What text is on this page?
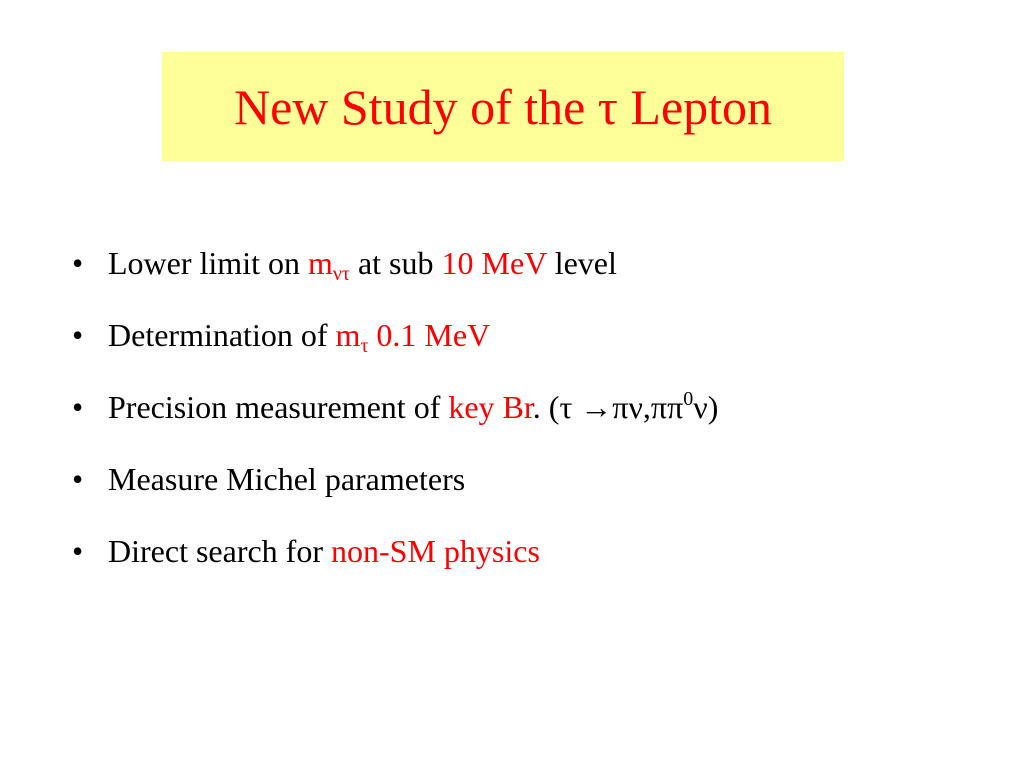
New Study of the τ Lepton
• Lower limit on $m_{\nu\tau}$ at sub 10 MeV level
• Determination of $m_\tau$ 0.1 MeV
• Precision measurement of key Br. $(\tau \to\pi\nu,\pi\pi^0\nu)$
• Measure Michel parameters
• Direct search for non-SM physics
